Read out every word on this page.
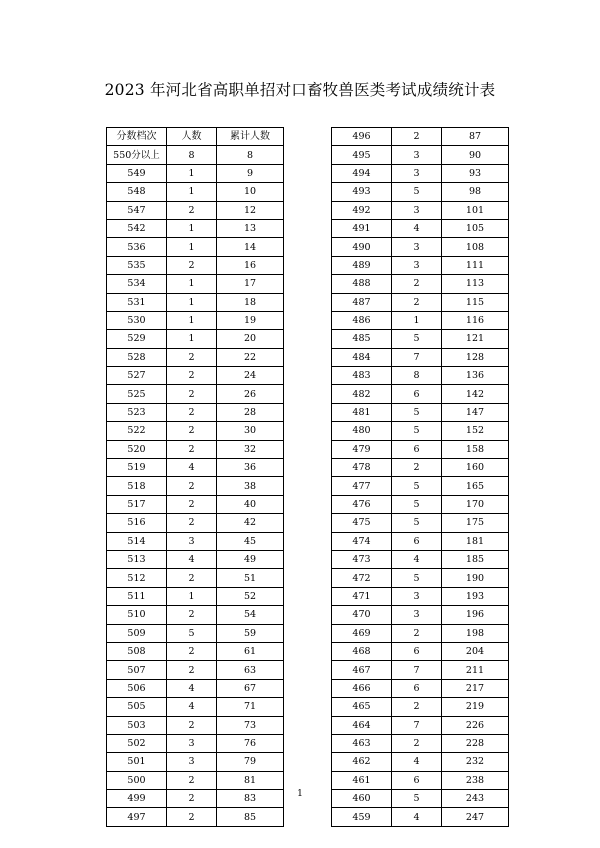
2023 年河北省高职单招对口畜牧兽医类考试成绩统计表
分数档次	人数	累计人数
550分以上	8	8
549	1	9
548	1	10
547	2	12
542	1	13
536	1	14
535	2	16
534	1	17
531	1	18
530	1	19
529	1	20
528	2	22
527	2	24
525	2	26
523	2	28
522	2	30
520	2	32
519	4	36
518	2	38
517	2	40
516	2	42
514	3	45
513	4	49
512	2	51
511	1	52
510	2	54
509	5	59
508	2	61
507	2	63
506	4	67
505	4	71
503	2	73
502	3	76
501	3	79
500	2	81
499	2	83
497	2	85
496	2	87
495	3	90
494	3	93
493	5	98
492	3	101
491	4	105
490	3	108
489	3	111
488	2	113
487	2	115
486	1	116
485	5	121
484	7	128
483	8	136
482	6	142
481	5	147
480	5	152
479	6	158
478	2	160
477	5	165
476	5	170
475	5	175
474	6	181
473	4	185
472	5	190
471	3	193
470	3	196
469	2	198
468	6	204
467	7	211
466	6	217
465	2	219
464	7	226
463	2	228
462	4	232
461	6	238
460	5	243
459	4	247
1
